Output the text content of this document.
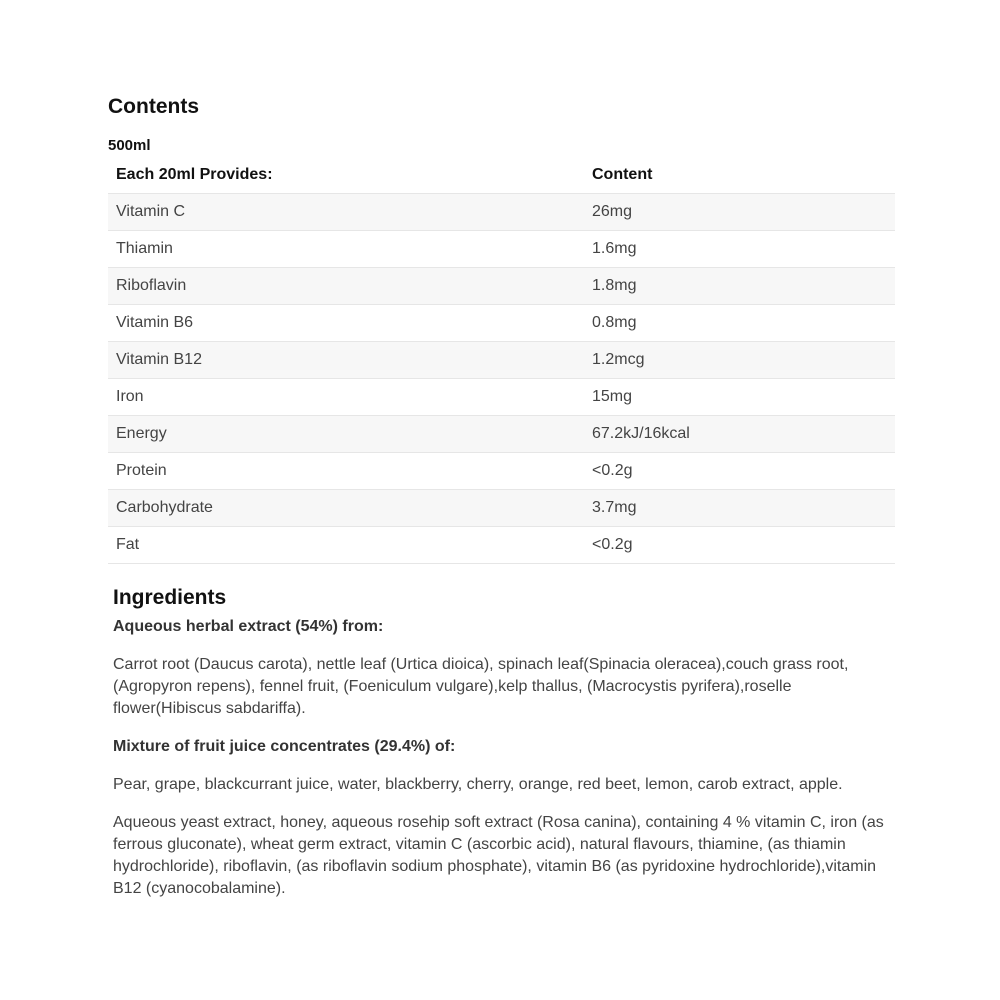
Contents
500ml
Each 20ml Provides:	Content
Vitamin C	26mg
Thiamin	1.6mg
Riboflavin	1.8mg
Vitamin B6	0.8mg
Vitamin B12	1.2mcg
Iron	15mg
Energy	67.2kJ/16kcal
Protein	<0.2g
Carbohydrate	3.7mg
Fat	<0.2g
Ingredients

Aqueous herbal extract (54%) from:

Carrot root (Daucus carota), nettle leaf (Urtica dioica), spinach leaf(Spinacia oleracea),couch grass root, (Agropyron repens), fennel fruit, (Foeniculum vulgare),kelp thallus, (Macrocystis pyrifera),roselle flower(Hibiscus sabdariffa).

Mixture of fruit juice concentrates (29.4%) of:

Pear, grape, blackcurrant juice, water, blackberry, cherry, orange, red beet, lemon, carob extract, apple.

Aqueous yeast extract, honey, aqueous rosehip soft extract (Rosa canina), containing 4 % vitamin C, iron (as ferrous gluconate), wheat germ extract, vitamin C (ascorbic acid), natural flavours, thiamine, (as thiamin hydrochloride), riboflavin, (as riboflavin sodium phosphate), vitamin B6 (as pyridoxine hydrochloride),vitamin B12 (cyanocobalamine).
